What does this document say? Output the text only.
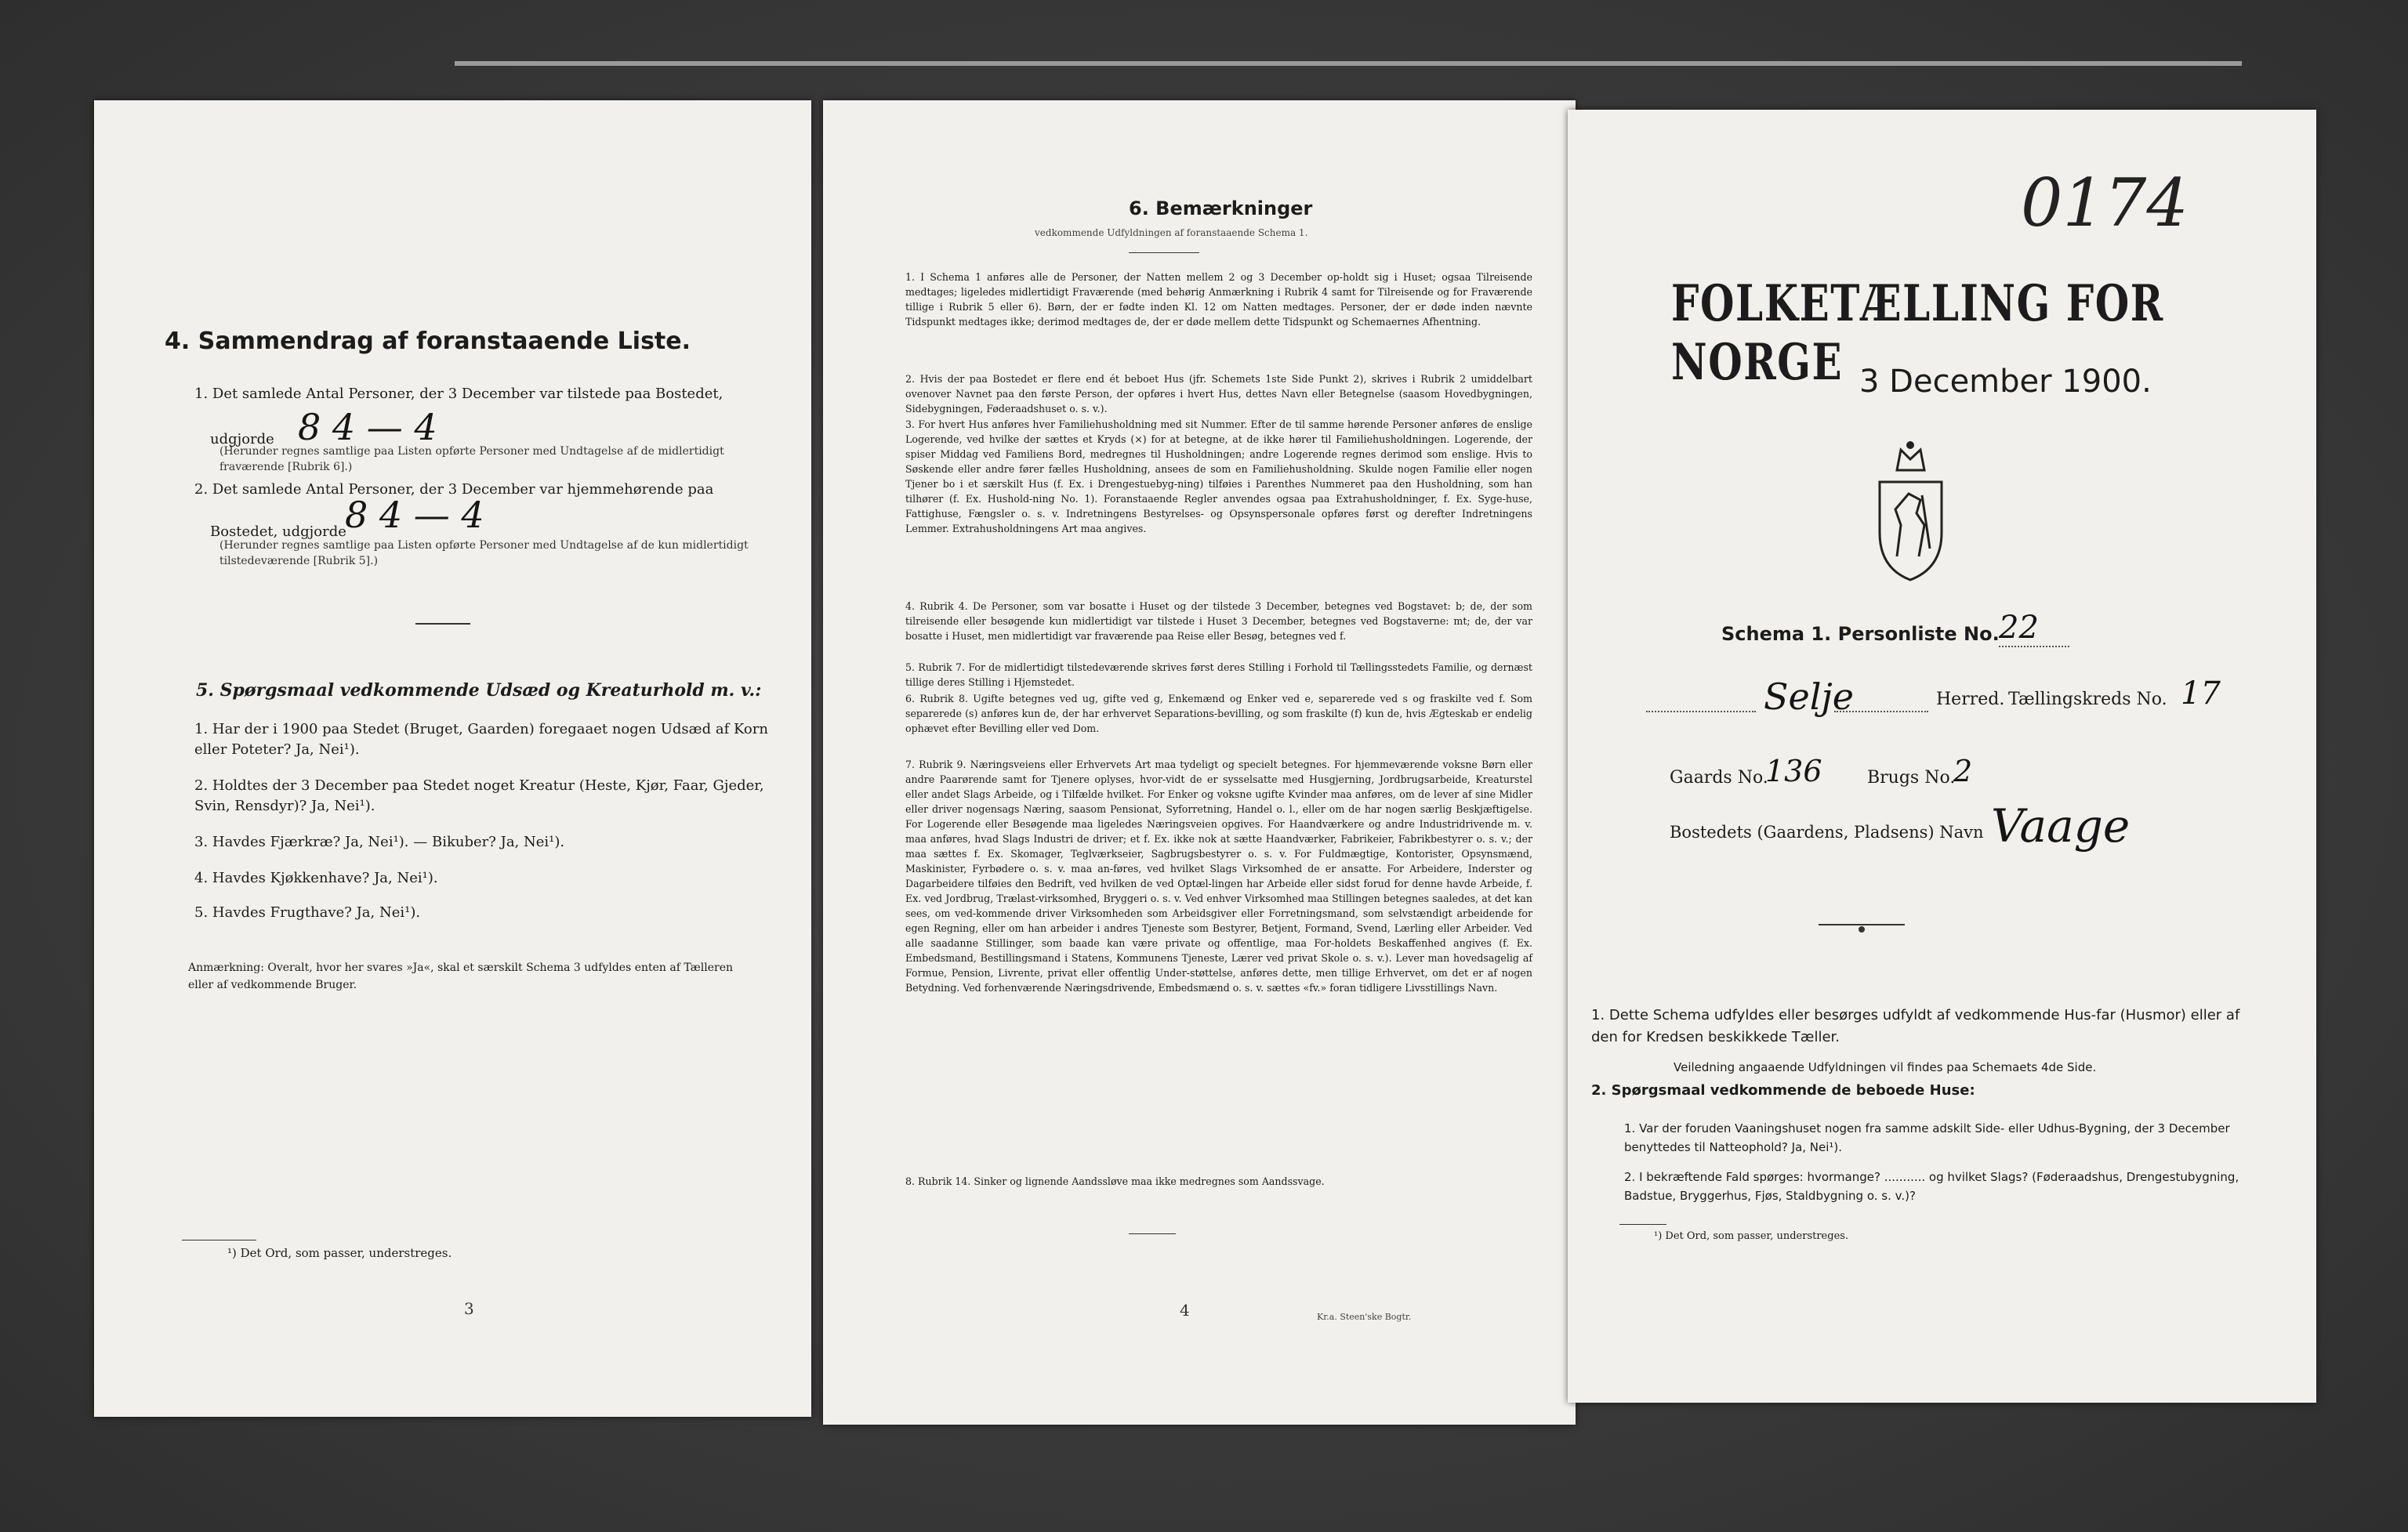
4. Sammendrag af foranstaaende Liste.
1. Det samlede Antal Personer, der 3 December var tilstede paa Bostedet,
udgjorde 8 4 — 4
(Herunder regnes samtlige paa Listen opførte Personer med Undtagelse af de midlertidigt fraværende [Rubrik 6].)
2. Det samlede Antal Personer, der 3 December var hjemmehørende paa
Bostedet, udgjorde
8 4 — 4
(Herunder regnes samtlige paa Listen opførte Personer med Undtagelse af de kun midlertidigt tilstedeværende [Rubrik 5].)
5. Spørgsmaal vedkommende Udsæd og Kreaturhold m. v.:
1. Har der i 1900 paa Stedet (Bruget, Gaarden) foregaaet nogen Udsæd af Korn eller Poteter? Ja, Nei¹).
2. Holdtes der 3 December paa Stedet noget Kreatur (Heste, Kjør, Faar, Gjeder, Svin, Rensdyr)? Ja, Nei¹).
3. Havdes Fjærkræ? Ja, Nei¹). — Bikuber? Ja, Nei¹).
4. Havdes Kjøkkenhave? Ja, Nei¹).
5. Havdes Frugthave? Ja, Nei¹).
Anmærkning: Overalt, hvor her svares »Ja«, skal et særskilt Schema 3 udfyldes enten af Tælleren eller af vedkommende Bruger.
¹) Det Ord, som passer, understreges.
3
6. Bemærkninger
vedkommende Udfyldningen af foranstaaende Schema 1.
1. I Schema 1 anføres alle de Personer, der Natten mellem 2 og 3 December op-holdt sig i Huset; ogsaa Tilreisende medtages; ligeledes midlertidigt Fraværende (med behørig Anmærkning i Rubrik 4 samt for Tilreisende og for Fraværende tillige i Rubrik 5 eller 6). Børn, der er fødte inden Kl. 12 om Natten medtages. Personer, der er døde inden nævnte Tidspunkt medtages ikke; derimod medtages de, der er døde mellem dette Tidspunkt og Schemaernes Afhentning.
2. Hvis der paa Bostedet er flere end ét beboet Hus (jfr. Schemets 1ste Side Punkt 2), skrives i Rubrik 2 umiddelbart ovenover Navnet paa den første Person, der opføres i hvert Hus, dettes Navn eller Betegnelse (saasom Hovedbygningen, Sidebygningen, Føderaadshuset o. s. v.).
3. For hvert Hus anføres hver Familiehusholdning med sit Nummer. Efter de til samme hørende Personer anføres de enslige Logerende, ved hvilke der sættes et Kryds (×) for at betegne, at de ikke hører til Familiehusholdningen. Logerende, der spiser Middag ved Familiens Bord, medregnes til Husholdningen; andre Logerende regnes derimod som enslige. Hvis to Søskende eller andre fører fælles Husholdning, ansees de som en Familiehusholdning. Skulde nogen Familie eller nogen Tjener bo i et særskilt Hus (f. Ex. i Drengestuebyg-ning) tilføies i Parenthes Nummeret paa den Husholdning, som han tilhører (f. Ex. Hushold-ning No. 1). Foranstaaende Regler anvendes ogsaa paa Extrahusholdninger, f. Ex. Syge-huse, Fattighuse, Fængsler o. s. v. Indretningens Bestyrelses- og Opsynspersonale opføres først og derefter Indretningens Lemmer. Extrahusholdningens Art maa angives.
4. Rubrik 4. De Personer, som var bosatte i Huset og der tilstede 3 December, betegnes ved Bogstavet: b; de, der som tilreisende eller besøgende kun midlertidigt var tilstede i Huset 3 December, betegnes ved Bogstaverne: mt; de, der var bosatte i Huset, men midlertidigt var fraværende paa Reise eller Besøg, betegnes ved f.
5. Rubrik 7. For de midlertidigt tilstedeværende skrives først deres Stilling i Forhold til Tællingsstedets Familie, og dernæst tillige deres Stilling i Hjemstedet.
6. Rubrik 8. Ugifte betegnes ved ug, gifte ved g, Enkemænd og Enker ved e, separerede ved s og fraskilte ved f. Som separerede (s) anføres kun de, der har erhvervet Separations-bevilling, og som fraskilte (f) kun de, hvis Ægteskab er endelig ophævet efter Bevilling eller ved Dom.
7. Rubrik 9. Næringsveiens eller Erhvervets Art maa tydeligt og specielt betegnes. For hjemmeværende voksne Børn eller andre Paarørende samt for Tjenere oplyses, hvor-vidt de er sysselsatte med Husgjerning, Jordbrugsarbeide, Kreaturstel eller andet Slags Arbeide, og i Tilfælde hvilket. For Enker og voksne ugifte Kvinder maa anføres, om de lever af sine Midler eller driver nogensags Næring, saasom Pensionat, Syforretning, Handel o. l., eller om de har nogen særlig Beskjæftigelse. For Logerende eller Besøgende maa ligeledes Næringsveien opgives. For Haandværkere og andre Industridrivende m. v. maa anføres, hvad Slags Industri de driver; et f. Ex. ikke nok at sætte Haandværker, Fabrikeier, Fabrikbestyrer o. s. v.; der maa sættes f. Ex. Skomager, Teglværkseier, Sagbrugsbestyrer o. s. v. For Fuldmægtige, Kontorister, Opsynsmænd, Maskinister, Fyrbødere o. s. v. maa an-føres, ved hvilket Slags Virksomhed de er ansatte. For Arbeidere, Inderster og Dagarbeidere tilføies den Bedrift, ved hvilken de ved Optæl-lingen har Arbeide eller sidst forud for denne havde Arbeide, f. Ex. ved Jordbrug, Trælast-virksomhed, Bryggeri o. s. v. Ved enhver Virksomhed maa Stillingen betegnes saaledes, at det kan sees, om ved-kommende driver Virksomheden som Arbeidsgiver eller Forretningsmand, som selvstændigt arbeidende for egen Regning, eller om han arbeider i andres Tjeneste som Bestyrer, Betjent, Formand, Svend, Lærling eller Arbeider. Ved alle saadanne Stillinger, som baade kan være private og offentlige, maa For-holdets Beskaffenhed angives (f. Ex. Embedsmand, Bestillingsmand i Statens, Kommunens Tjeneste, Lærer ved privat Skole o. s. v.). Lever man hovedsagelig af Formue, Pension, Livrente, privat eller offentlig Under-støttelse, anføres dette, men tillige Erhvervet, om det er af nogen Betydning. Ved forhenværende Næringsdrivende, Embedsmænd o. s. v. sættes «fv.» foran tidligere Livsstillings Navn.
8. Rubrik 14. Sinker og lignende Aandssløve maa ikke medregnes som Aandssvage.
4	Kr.a. Steen'ske Bogtr.
0174
FOLKETÆLLING FOR NORGE 3 December 1900.
Schema 1. Personliste No. 22
Selje	Herred. Tællingskreds No. 17
Gaards No.
136	Brugs No.
2
Bostedets (Gaardens, Pladsens) Navn Vaage
1. Dette Schema udfyldes eller besørges udfyldt af vedkommende Hus-far (Husmor) eller af den for Kredsen beskikkede Tæller.
Veiledning angaaende Udfyldningen vil findes paa Schemaets 4de Side.
2. Spørgsmaal vedkommende de beboede Huse:
1. Var der foruden Vaaningshuset nogen fra samme adskilt Side- eller Udhus-Bygning, der 3 December benyttedes til Natteophold? Ja, Nei¹).
2. I bekræftende Fald spørges: hvormange? ........... og hvilket Slags? (Føderaadshus, Drengestubygning, Badstue, Bryggerhus, Fjøs, Staldbygning o. s. v.)?
¹) Det Ord, som passer, understreges.
